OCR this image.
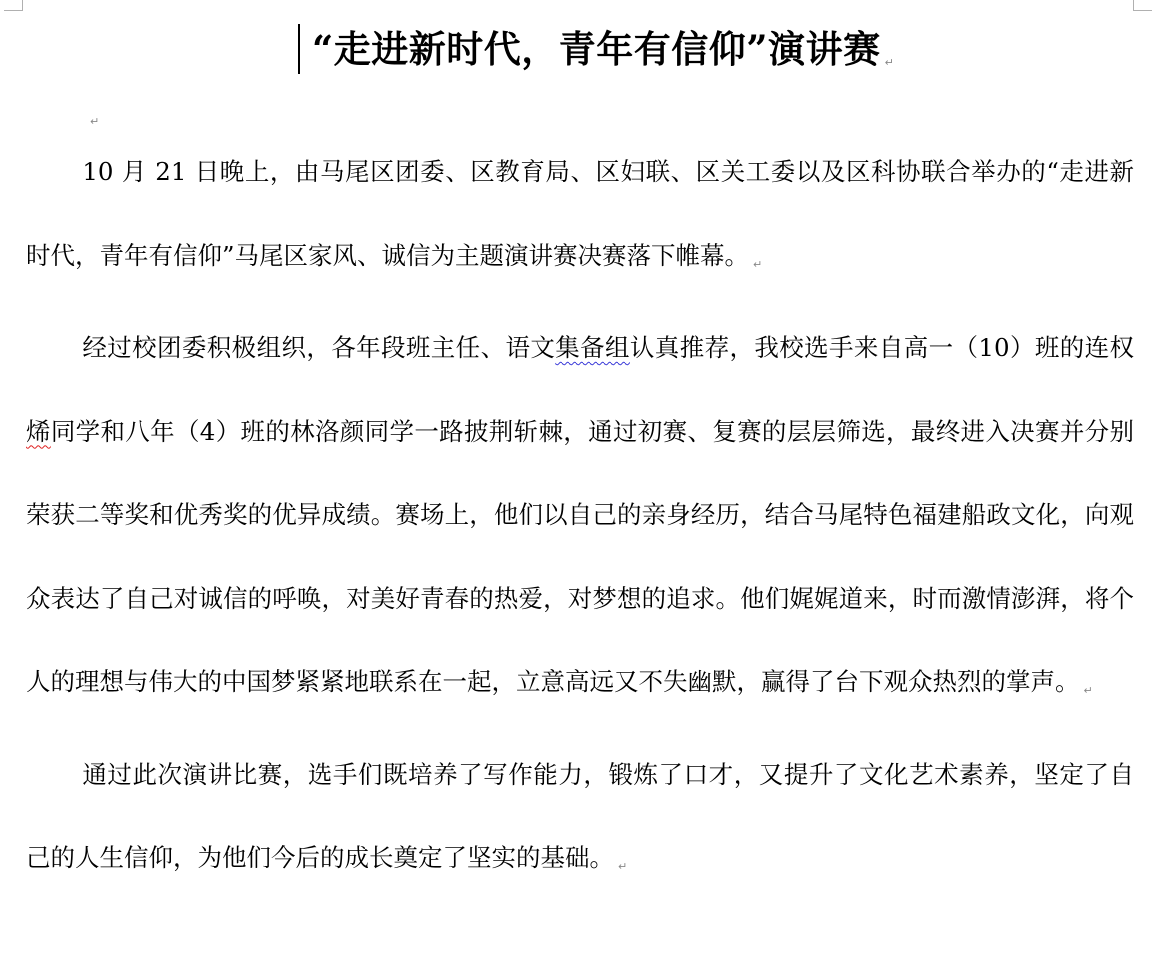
“走进新时代，青年有信仰”演讲赛 ↵
$_↵$

10 月 21 日晚上，由马尾区团委、区教育局、区妇联、区关工委以及区科协联合举办的“走进新时代，青年有信仰”马尾区家风、诚信为主题演讲赛决赛落下帷幕。 ↵

经过校团委积极组织，各年段班主任、语文集备组认真推荐，我校选手来自高一（10）班的连权烯同学和八年（4）班的林洛颜同学一路披荆斩棘，通过初赛、复赛的层层筛选，最终进入决赛并分别荣获二等奖和优秀奖的优异成绩。赛场上，他们以自己的亲身经历，结合马尾特色福建船政文化，向观众表达了自己对诚信的呼唤，对美好青春的热爱，对梦想的追求。他们娓娓道来，时而激情澎湃，将个人的理想与伟大的中国梦紧紧地联系在一起，立意高远又不失幽默，赢得了台下观众热烈的掌声。 ↵

通过此次演讲比赛，选手们既培养了写作能力，锻炼了口才，又提升了文化艺术素养，坚定了自己的人生信仰，为他们今后的成长奠定了坚实的基础。 ↵
